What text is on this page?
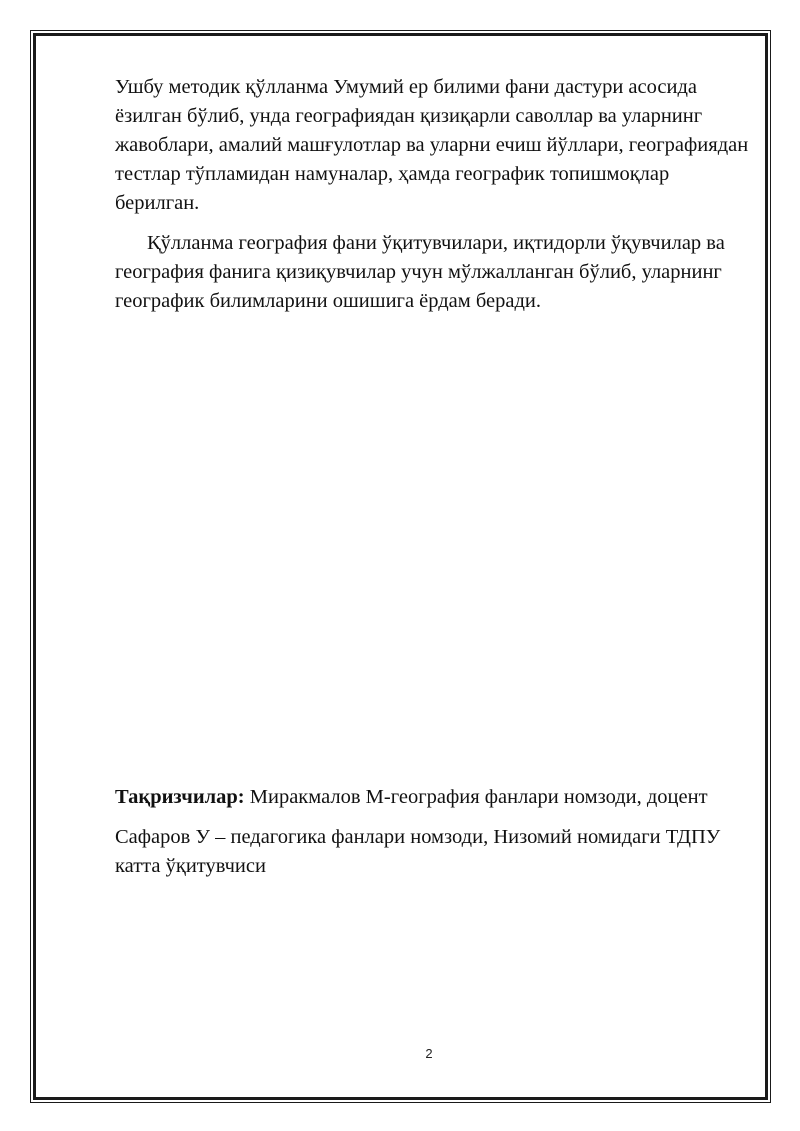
Ушбу методик қўлланма Умумий ер билими фани дастури асосида ёзилган бўлиб, унда географиядан қизиқарли саволлар ва уларнинг жавоблари, амалий машғулотлар ва уларни ечиш йўллари, географиядан тестлар тўпламидан намуналар, ҳамда географик топишмоқлар берилган.

Қўлланма география фани ўқитувчилари, иқтидорли ўқувчилар ва география фанига қизиқувчилар учун мўлжалланган бўлиб, уларнинг географик билимларини ошишига ёрдам беради.

Тақризчилар: Миракмалов М-география фанлари номзоди, доцент

Сафаров У – педагогика фанлари номзоди, Низомий номидаги ТДПУ катта ўқитувчиси

2
